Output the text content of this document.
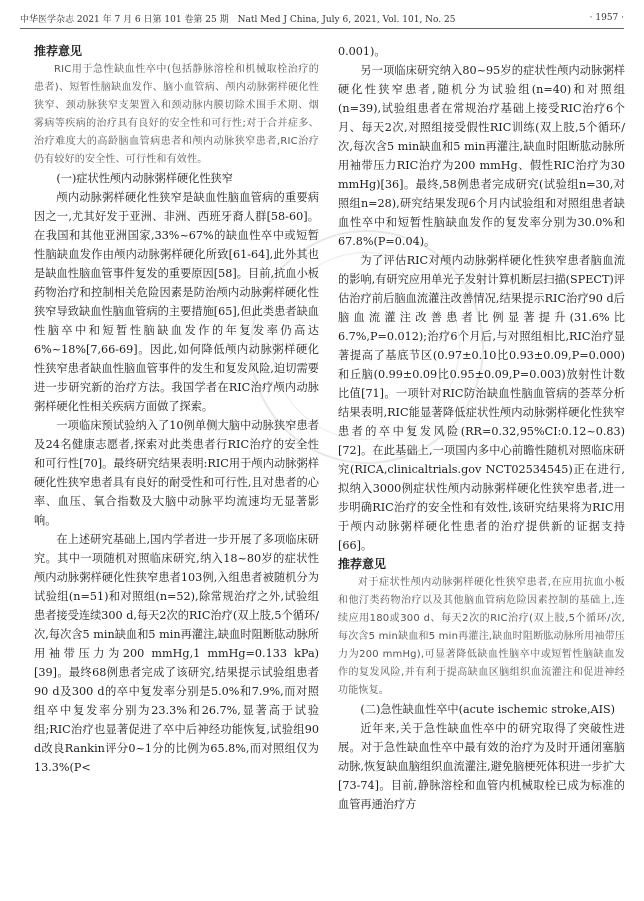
中华医学杂志 2021 年 7 月 6 日第 101 卷第 25 期　Natl Med J China, July 6, 2021, Vol. 101, No. 25	· 1957 ·
推荐意见

RIC用于急性缺血性卒中(包括静脉溶栓和机械取栓治疗的患者)、短暂性脑缺血发作、脑小血管病、颅内动脉粥样硬化性狭窄、颈动脉狭窄支架置入和颈动脉内膜切除术围手术期、烟雾病等疾病的治疗具有良好的安全性和可行性;对于合并症多、治疗难度大的高龄脑血管病患者和颅内动脉狭窄患者,RIC治疗仍有较好的安全性、可行性和有效性。

(一)症状性颅内动脉粥样硬化性狭窄

颅内动脉粥样硬化性狭窄是缺血性脑血管病的重要病因之一,尤其好发于亚洲、非洲、西班牙裔人群[58-60]。在我国和其他亚洲国家,33%~67%的缺血性卒中或短暂性脑缺血发作由颅内动脉粥样硬化所致[61-64],此外其也是缺血性脑血管事件复发的重要原因[58]。目前,抗血小板药物治疗和控制相关危险因素是防治颅内动脉粥样硬化性狭窄导致缺血性脑血管病的主要措施[65],但此类患者缺血性脑卒中和短暂性脑缺血发作的年复发率仍高达6%~18%[7,66-69]。因此,如何降低颅内动脉粥样硬化性狭窄患者缺血性脑血管事件的发生和复发风险,迫切需要进一步研究新的治疗方法。我国学者在RIC治疗颅内动脉粥样硬化性相关疾病方面做了探索。

一项临床预试验纳入了10例单侧大脑中动脉狭窄患者及24名健康志愿者,探索对此类患者行RIC治疗的安全性和可行性[70]。最终研究结果表明:RIC用于颅内动脉粥样硬化性狭窄患者具有良好的耐受性和可行性,且对患者的心率、血压、氧合指数及大脑中动脉平均流速均无显著影响。

在上述研究基础上,国内学者进一步开展了多项临床研究。其中一项随机对照临床研究,纳入18~80岁的症状性颅内动脉粥样硬化性狭窄患者103例,入组患者被随机分为试验组(n=51)和对照组(n=52),除常规治疗之外,试验组患者接受连续300 d,每天2次的RIC治疗(双上肢,5个循环/次,每次含5 min缺血和5 min再灌注,缺血时阻断肱动脉所用袖带压力为200 mmHg,1 mmHg=0.133 kPa)[39]。最终68例患者完成了该研究,结果提示试验组患者90 d及300 d的卒中复发率分别是5.0%和7.9%,而对照组卒中复发率分别为23.3%和26.7%,显著高于试验组;RIC治疗也显著促进了卒中后神经功能恢复,试验组90 d改良Rankin评分0~1分的比例为65.8%,而对照组仅为13.3%(P<

0.001)。

另一项临床研究纳入80~95岁的症状性颅内动脉粥样硬化性狭窄患者,随机分为试验组(n=40)和对照组(n=39),试验组患者在常规治疗基础上接受RIC治疗6个月、每天2次,对照组接受假性RIC训练(双上肢,5个循环/次,每次含5 min缺血和5 min再灌注,缺血时阻断肱动脉所用袖带压力RIC治疗为200 mmHg、假性RIC治疗为30 mmHg)[36]。最终,58例患者完成研究(试验组n=30,对照组n=28),研究结果发现6个月内试验组和对照组患者缺血性卒中和短暂性脑缺血发作的复发率分别为30.0%和67.8%(P=0.04)。

为了评估RIC对颅内动脉粥样硬化性狭窄患者脑血流的影响,有研究应用单光子发射计算机断层扫描(SPECT)评估治疗前后脑血流灌注改善情况,结果提示RIC治疗90 d后脑血流灌注改善患者比例显著提升(31.6%比6.7%,P=0.012);治疗6个月后,与对照组相比,RIC治疗显著提高了基底节区(0.97±0.10比0.93±0.09,P=0.000)和丘脑(0.99±0.09比0.95±0.09,P=0.003)放射性计数比值[71]。一项针对RIC防治缺血性脑血管病的荟萃分析结果表明,RIC能显著降低症状性颅内动脉粥样硬化性狭窄患者的卒中复发风险(RR=0.32,95%CI:0.12~0.83)[72]。在此基础上,一项国内多中心前瞻性随机对照临床研究(RICA,clinicaltrials.gov NCT02534545)正在进行,拟纳入3000例症状性颅内动脉粥样硬化性狭窄患者,进一步明确RIC治疗的安全性和有效性,该研究结果将为RIC用于颅内动脉粥样硬化性患者的治疗提供新的证据支持[66]。

推荐意见

对于症状性颅内动脉粥样硬化性狭窄患者,在应用抗血小板和他汀类药物治疗以及其他脑血管病危险因素控制的基础上,连续应用180或300 d、每天2次的RIC治疗(双上肢,5个循环/次,每次含5 min缺血和5 min再灌注,缺血时阻断肱动脉所用袖带压力为200 mmHg),可显著降低缺血性脑卒中或短暂性脑缺血发作的复发风险,并有利于提高缺血区脑组织血流灌注和促进神经功能恢复。

(二)急性缺血性卒中(acute ischemic stroke,AIS)

近年来,关于急性缺血性卒中的研究取得了突破性进展。对于急性缺血性卒中最有效的治疗为及时开通闭塞脑动脉,恢复缺血脑组织血流灌注,避免脑梗死体积进一步扩大[73-74]。目前,静脉溶栓和血管内机械取栓已成为标准的血管再通治疗方
